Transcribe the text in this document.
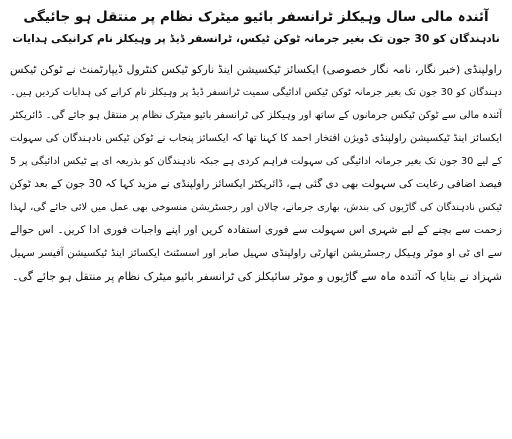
آئندہ مالی سال وہیکلز ٹرانسفر بائیو میٹرک نظام پر منتقل ہو جائیگی
نادہندگان کو 30 جون تک بغیر جرمانہ ٹوکن ٹیکس، ٹرانسفر ڈیڈ پر وہیکلز نام کرانیکی ہدایات

راولپنڈی (خبر نگار، نامہ نگار خصوصی) ایکسائز ٹیکسیشن اینڈ نارکو ٹیکس کنٹرول ڈیپارٹمنٹ نے ٹوکن ٹیکس

دہندگان کو 30 جون تک بغیر جرمانہ ٹوکن ٹیکس ادائیگی سمیت ٹرانسفر ڈیڈ پر وہیکلز نام کرانے کی ہدایات کردیں ہیں۔

آئندہ مالی سے ٹوکن ٹیکس جرمانوں کے ساتھ اور وہیکلز کی ٹرانسفر بائیو میٹرک نظام پر منتقل ہو جائے گی۔ ڈائریکٹر

ایکسائز اینڈ ٹیکسیشن راولپنڈی ڈویژن افتخار احمد کا کہنا تھا کہ ایکسائز پنجاب نے ٹوکن ٹیکس نادہندگان کی سہولت

کے لیے 30 جون تک بغیر جرمانہ ادائیگی کی سہولت فراہم کردی ہے جبکہ نادہندگان کو بذریعہ ای پے ٹیکس ادائیگی پر 5

فیصد اضافی رعایت کی سہولت بھی دی گئی ہے، ڈائریکٹر ایکسائز راولپنڈی نے مزید کہا کہ 30 جون کے بعد ٹوکن

ٹیکس نادہندگان کی گاڑیوں کی بندش، بھاری جرمانے، چالان اور رجسٹریشن منسوخی بھی عمل میں لائی جائے گی، لہذا

زحمت سے بچنے کے لیے شہری اس سہولت سے فوری استفادہ کریں اور اپنے واجبات فوری ادا کریں۔ اس حوالے

سے ای ٹی او موٹر وہیکل رجسٹریشن اتھارٹی راولپنڈی سہیل صابر اور اسسٹنٹ ایکسائز اینڈ ٹیکسیشن آفیسر سہیل

شہزاد نے بتایا کہ آئندہ ماہ سے گاڑیوں و موٹر سائیکلز کی ٹرانسفر بائیو میٹرک نظام پر منتقل ہو جائے گی۔
